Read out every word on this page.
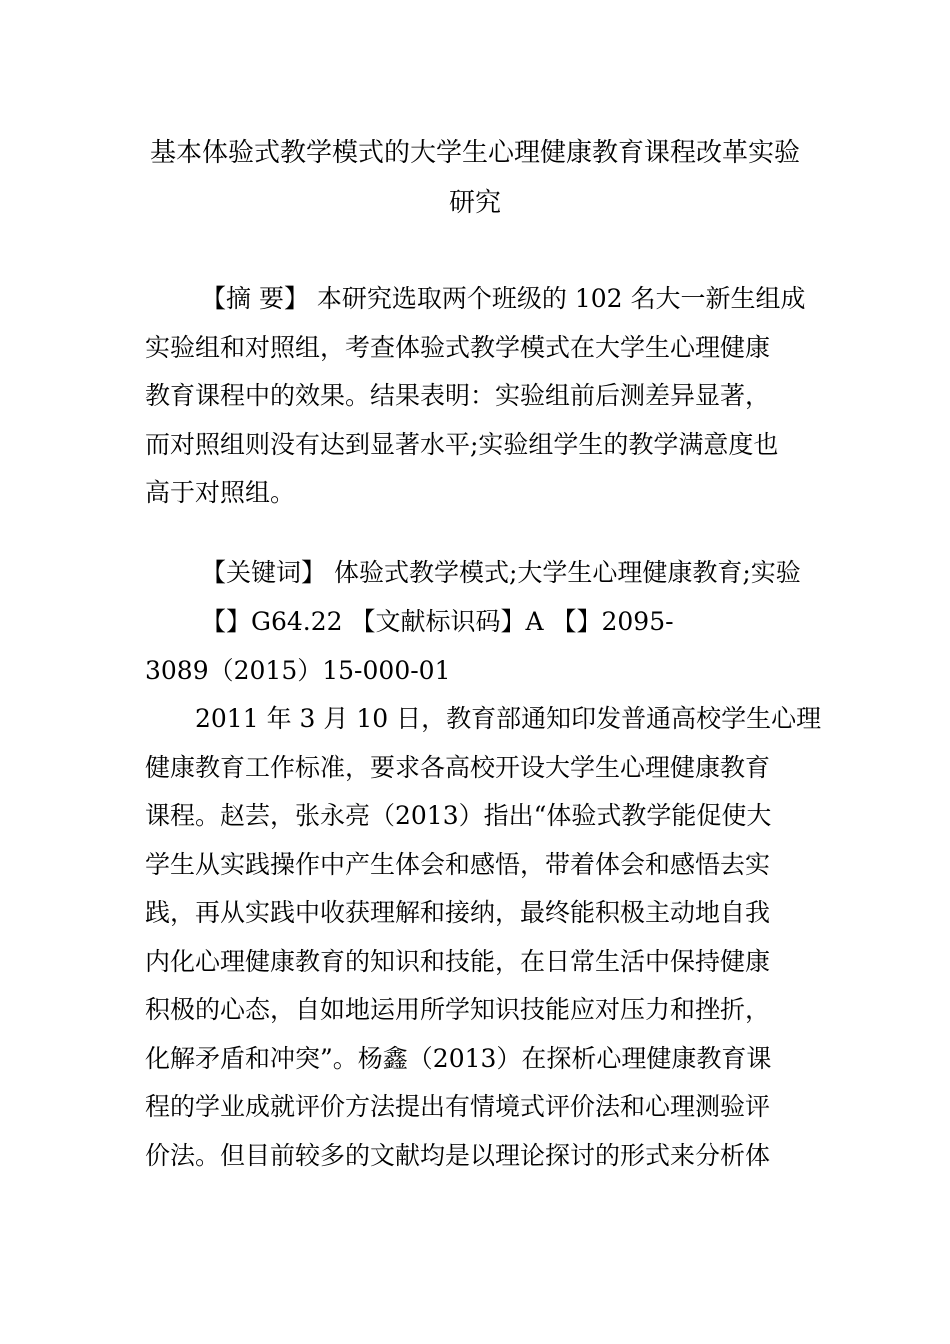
基本体验式教学模式的大学生心理健康教育课程改革实验
研究
【摘 要】 本研究选取两个班级的 102 名大一新生组成
实验组和对照组，考查体验式教学模式在大学生心理健康
教育课程中的效果。结果表明：实验组前后测差异显著，
而对照组则没有达到显著水平;实验组学生的教学满意度也
高于对照组。
【关键词】 体验式教学模式;大学生心理健康教育;实验
【】G64.22 【文献标识码】A 【】2095-
3089（2015）15-000-01
2011 年 3 月 10 日，教育部通知印发普通高校学生心理
健康教育工作标准，要求各高校开设大学生心理健康教育
课程。赵芸，张永亮（2013）指出“体验式教学能促使大
学生从实践操作中产生体会和感悟，带着体会和感悟去实
践，再从实践中收获理解和接纳，最终能积极主动地自我
内化心理健康教育的知识和技能，在日常生活中保持健康
积极的心态，自如地运用所学知识技能应对压力和挫折，
化解矛盾和冲突”。杨鑫（2013）在探析心理健康教育课
程的学业成就评价方法提出有情境式评价法和心理测验评
价法。但目前较多的文献均是以理论探讨的形式来分析体
